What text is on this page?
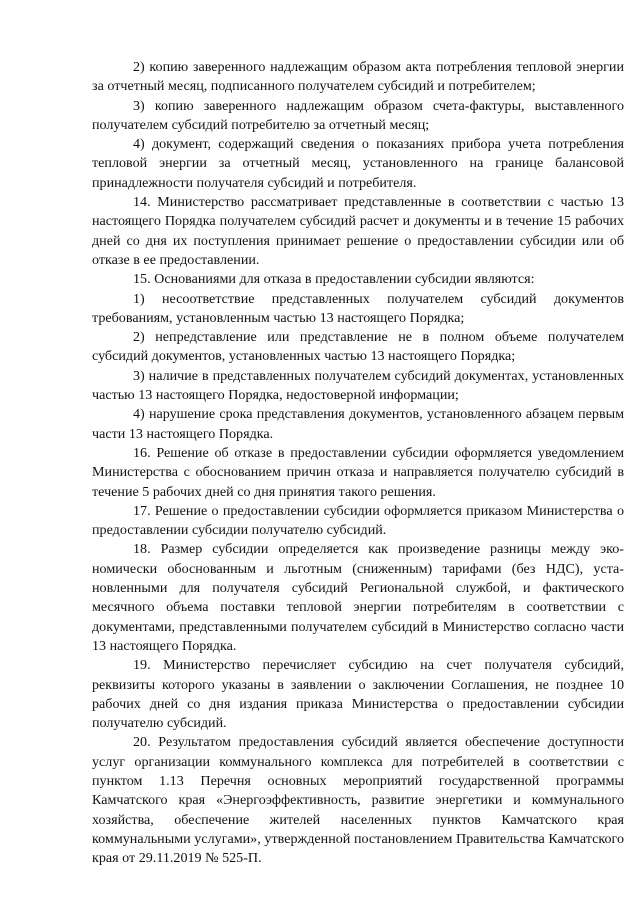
2) копию заверенного надлежащим образом акта потребления тепловой энергии за отчетный месяц, подписанного получателем субсидий и потребителем;

3) копию заверенного надлежащим образом счета-фактуры, выставленного получателем субсидий потребителю за отчетный месяц;

4) документ, содержащий сведения о показаниях прибора учета потребления тепловой энергии за отчетный месяц, установленного на границе балансовой принадлежности получателя субсидий и потребителя.

14. Министерство рассматривает представленные в соответствии с частью 13 настоящего Порядка получателем субсидий расчет и документы и в течение 15 рабочих дней со дня их поступления принимает решение о предоставлении субсидии или об отказе в ее предоставлении.

15. Основаниями для отказа в предоставлении субсидии являются:

1) несоответствие представленных получателем субсидий документов требованиям, установленным частью 13 настоящего Порядка;

2) непредставление или представление не в полном объеме получателем субсидий документов, установленных частью 13 настоящего Порядка;

3) наличие в представленных получателем субсидий документах, установленных частью 13 настоящего Порядка, недостоверной информации;

4) нарушение срока представления документов, установленного абзацем первым части 13 настоящего Порядка.

16. Решение об отказе в предоставлении субсидии оформляется уведомлением Министерства с обоснованием причин отказа и направляется получателю субсидий в течение 5 рабочих дней со дня принятия такого решения.

17. Решение о предоставлении субсидии оформляется приказом Министерства о предоставлении субсидии получателю субсидий.

18. Размер субсидии определяется как произведение разницы между экономически обоснованным и льготным (сниженным) тарифами (без НДС), установленными для получателя субсидий Региональной службой, и фактического месячного объема поставки тепловой энергии потребителям в соответствии с документами, представленными получателем субсидий в Министерство согласно части 13 настоящего Порядка.

19. Министерство перечисляет субсидию на счет получателя субсидий, реквизиты которого указаны в заявлении о заключении Соглашения, не позднее 10 рабочих дней со дня издания приказа Министерства о предоставлении субсидии получателю субсидий.

20. Результатом предоставления субсидий является обеспечение доступности услуг организации коммунального комплекса для потребителей в соответствии с пунктом 1.13 Перечня основных мероприятий государственной программы Камчатского края «Энергоэффективность, развитие энергетики и коммунального хозяйства, обеспечение жителей населенных пунктов Камчатского края коммунальными услугами», утвержденной постановлением Правительства Камчатского края от 29.11.2019 № 525-П.
